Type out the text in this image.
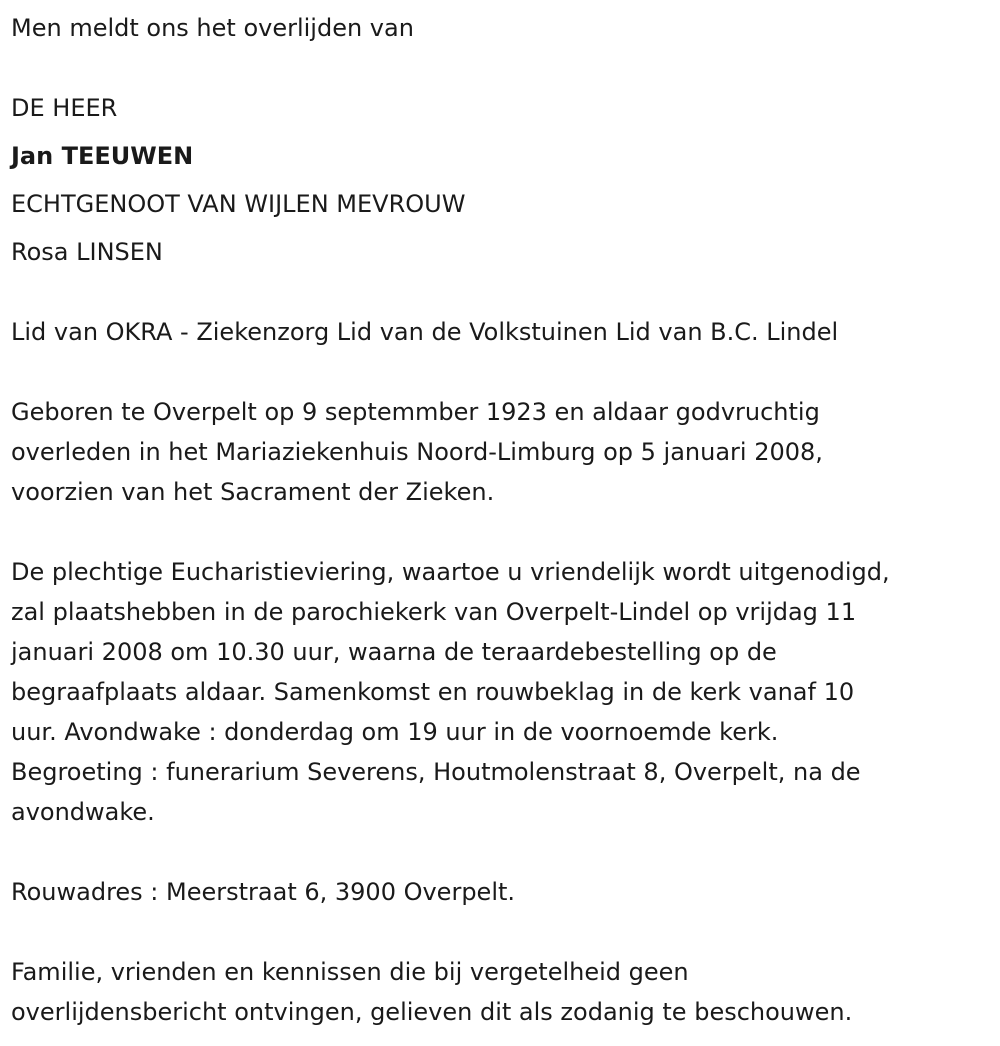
Men meldt ons het overlijden van
DE HEER
Jan TEEUWEN
ECHTGENOOT VAN WIJLEN MEVROUW
Rosa LINSEN
Lid van OKRA - Ziekenzorg Lid van de Volkstuinen Lid van B.C. Lindel
Geboren te Overpelt op 9 septemmber 1923 en aldaar godvruchtig
overleden in het Mariaziekenhuis Noord-Limburg op 5 januari 2008,
voorzien van het Sacrament der Zieken.
De plechtige Eucharistieviering, waartoe u vriendelijk wordt uitgenodigd,
zal plaatshebben in de parochiekerk van Overpelt-Lindel op vrijdag 11
januari 2008 om 10.30 uur, waarna de teraardebestelling op de
begraafplaats aldaar. Samenkomst en rouwbeklag in de kerk vanaf 10
uur. Avondwake : donderdag om 19 uur in de voornoemde kerk.
Begroeting : funerarium Severens, Houtmolenstraat 8, Overpelt, na de
avondwake.
Rouwadres : Meerstraat 6, 3900 Overpelt.
Familie, vrienden en kennissen die bij vergetelheid geen
overlijdensbericht ontvingen, gelieven dit als zodanig te beschouwen.
